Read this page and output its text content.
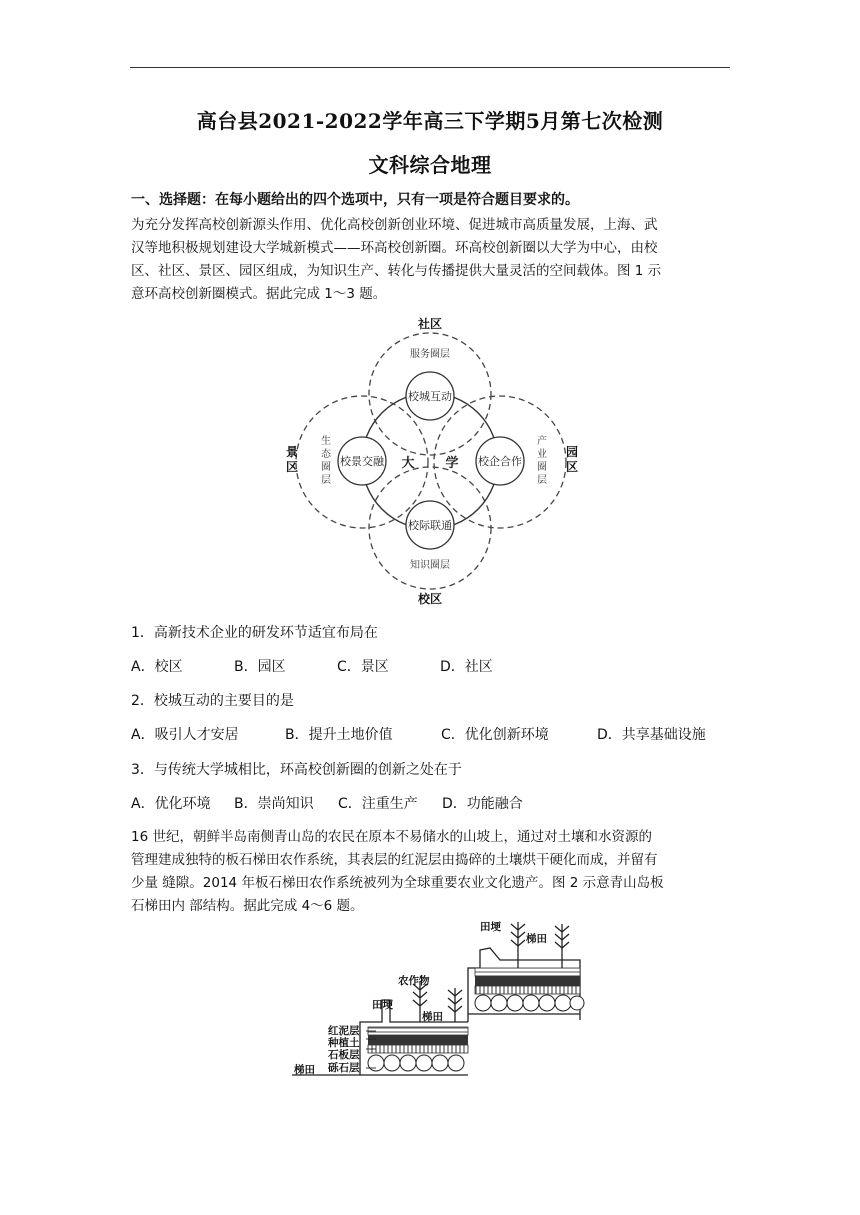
高台县2021-2022学年高三下学期5月第七次检测
文科综合地理
一、选择题：在每小题给出的四个选项中，只有一项是符合题目要求的。
为充分发挥高校创新源头作用、优化高校创新创业环境、促进城市高质量发展，上海、武
汉等地积极规划建设大学城新模式——环高校创新圈。环高校创新圈以大学为中心，由校
区、社区、景区、园区组成，为知识生产、转化与传播提供大量灵活的空间载体。图 1 示
意环高校创新圈模式。据此完成 1～3 题。
校城互动
校景交融	校企合作
校际联通
大 学
服务圈层
知识圈层
生
态
圈
层
产
业
圈
层
社区
校区
景区
园区
1．高新技术企业的研发环节适宜布局在
A．校区	B．园区	C．景区	D．社区
2．校城互动的主要目的是
A．吸引人才安居	B．提升土地价值	C．优化创新环境	D．共享基础设施
3．与传统大学城相比，环高校创新圈的创新之处在于
A．优化环境 B．崇尚知识 C．注重生产 D．功能融合
16 世纪，朝鲜半岛南侧青山岛的农民在原本不易储水的山坡上，通过对土壤和水资源的
管理建成独特的板石梯田农作系统，其表层的红泥层由捣碎的土壤烘干硬化而成，并留有
少量 缝隙。2014 年板石梯田农作系统被列为全球重要农业文化遗产。图 2 示意青山岛板
石梯田内 部结构。据此完成 4～6 题。
田埂
梯田
农作物
田埂
梯田
红泥层
种植土
石板层
砾石层
梯田
